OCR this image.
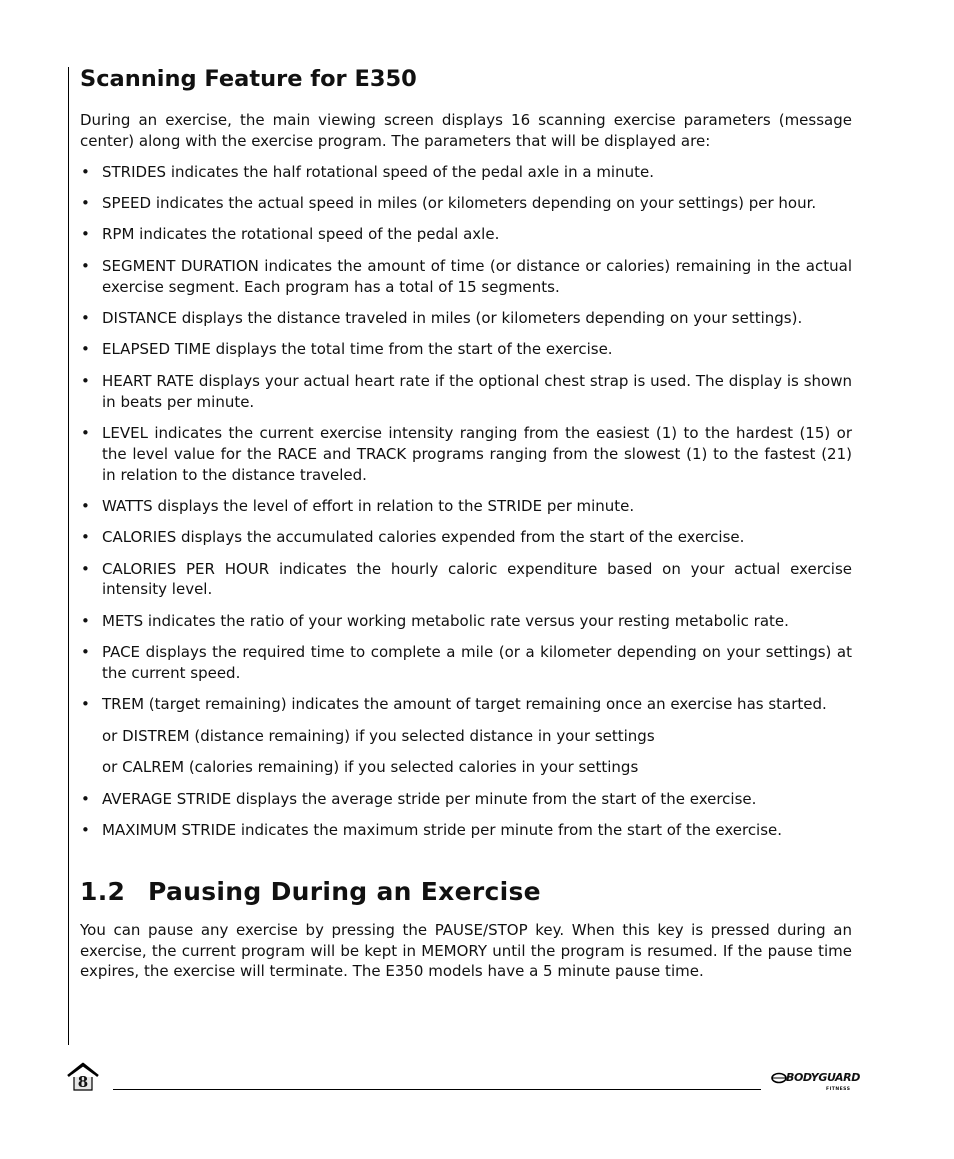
Scanning Feature for E350

During an exercise, the main viewing screen displays 16 scanning exercise parameters (message center) along with the exercise program. The parameters that will be displayed are:

• STRIDES indicates the half rotational speed of the pedal axle in a minute.
• SPEED indicates the actual speed in miles (or kilometers depending on your settings) per hour.
• RPM indicates the rotational speed of the pedal axle.
• SEGMENT DURATION indicates the amount of time (or distance or calories) remaining in the actual exercise segment. Each program has a total of 15 segments.
• DISTANCE displays the distance traveled in miles (or kilometers depending on your settings).
• ELAPSED TIME displays the total time from the start of the exercise.
• HEART RATE displays your actual heart rate if the optional chest strap is used. The display is shown in beats per minute.
• LEVEL indicates the current exercise intensity ranging from the easiest (1) to the hardest (15) or the level value for the RACE and TRACK programs ranging from the slowest (1) to the fastest (21) in relation to the distance traveled.
• WATTS displays the level of effort in relation to the STRIDE per minute.
• CALORIES displays the accumulated calories expended from the start of the exercise.
• CALORIES PER HOUR indicates the hourly caloric expenditure based on your actual exercise intensity level.
• METS indicates the ratio of your working metabolic rate versus your resting metabolic rate.
• PACE displays the required time to complete a mile (or a kilometer depending on your settings) at the current speed.
• TREM (target remaining) indicates the amount of target remaining once an exercise has started.
or DISTREM (distance remaining) if you selected distance in your settings
or CALREM (calories remaining) if you selected calories in your settings
• AVERAGE STRIDE displays the average stride per minute from the start of the exercise.
• MAXIMUM STRIDE indicates the maximum stride per minute from the start of the exercise.
1.2 Pausing During an Exercise

You can pause any exercise by pressing the PAUSE/STOP key. When this key is pressed during an exercise, the current program will be kept in MEMORY until the program is resumed. If the pause time expires, the exercise will terminate. The E350 models have a 5 minute pause time.

8	BODYGUARD
FITNESS
